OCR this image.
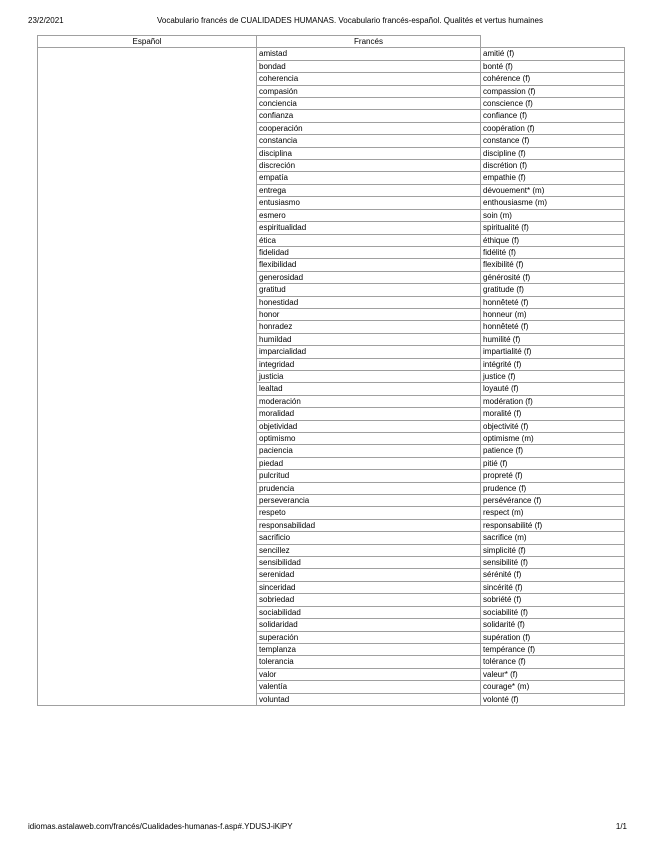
23/2/2021	Vocabulario francés de CUALIDADES HUMANAS. Vocabulario francés-español. Qualités et vertus humaines
Español	Francés	
	amistad	amitié (f)
	bondad	bonté (f)
	coherencia	cohérence (f)
	compasión	compassion (f)
	conciencia	conscience (f)
	confianza	confiance (f)
	cooperación	coopération (f)
	constancia	constance (f)
	disciplina	discipline (f)
	discreción	discrétion (f)
	empatía	empathie (f)
	entrega	dévouement* (m)
	entusiasmo	enthousiasme (m)
	esmero	soin (m)
	espiritualidad	spiritualité (f)
	ética	éthique (f)
	fidelidad	fidélité (f)
	flexibilidad	flexibilité (f)
	generosidad	générosité (f)
	gratitud	gratitude (f)
	honestidad	honnêteté (f)
	honor	honneur (m)
	honradez	honnêteté (f)
	humildad	humilité (f)
	imparcialidad	impartialité (f)
	integridad	intégrité (f)
	justicia	justice (f)
	lealtad	loyauté (f)
	moderación	modération (f)
	moralidad	moralité (f)
	objetividad	objectivité (f)
	optimismo	optimisme (m)
	paciencia	patience (f)
	piedad	pitié (f)
	pulcritud	propreté (f)
	prudencia	prudence (f)
	perseverancia	persévérance (f)
	respeto	respect (m)
	responsabilidad	responsabilité (f)
	sacrificio	sacrifice (m)
	sencillez	simplicité (f)
	sensibilidad	sensibilité (f)
	serenidad	sérénité (f)
	sinceridad	sincérité (f)
	sobriedad	sobriété (f)
	sociabilidad	sociabilité (f)
	solidaridad	solidarité (f)
	superación	supération (f)
	templanza	tempérance (f)
	tolerancia	tolérance (f)
	valor	valeur* (f)
	valentía	courage* (m)
	voluntad	volonté (f)
idiomas.astalaweb.com/francés/Cualidades-humanas-f.asp#.YDUSJ-iKiPY	1/1
